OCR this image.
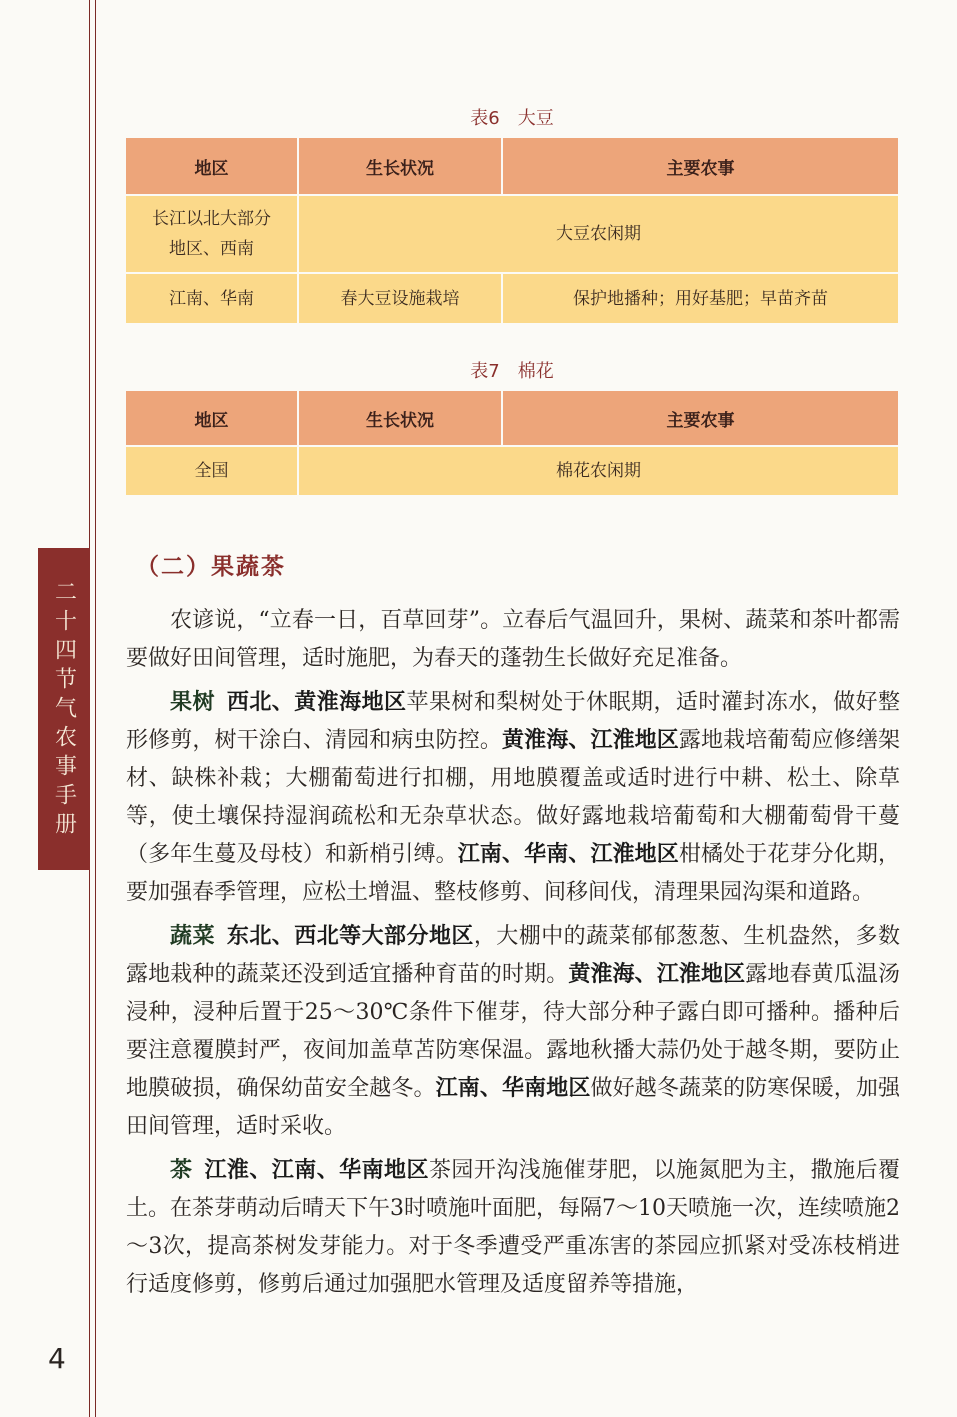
二十四节气农事手册
表6 大豆
地区	生长状况	主要农事

长江以北大部分
地区、西南	大豆农闲期	
江南、华南	春大豆设施栽培	保护地播种；用好基肥；早苗齐苗
表7 棉花
地区	生长状况	主要农事
全国	棉花农闲期	
（二）果蔬茶

农谚说，“立春一日，百草回芽”。立春后气温回升，果树、蔬菜和茶叶都需要做好田间管理，适时施肥，为春天的蓬勃生长做好充足准备。

果树 西北、黄淮海地区苹果树和梨树处于休眠期，适时灌封冻水，做好整形修剪，树干涂白、清园和病虫防控。黄淮海、江淮地区露地栽培葡萄应修缮架材、缺株补栽；大棚葡萄进行扣棚，用地膜覆盖或适时进行中耕、松土、除草等，使土壤保持湿润疏松和无杂草状态。做好露地栽培葡萄和大棚葡萄骨干蔓（多年生蔓及母枝）和新梢引缚。江南、华南、江淮地区柑橘处于花芽分化期，要加强春季管理，应松土增温、整枝修剪、间移间伐，清理果园沟渠和道路。

蔬菜 东北、西北等大部分地区，大棚中的蔬菜郁郁葱葱、生机盎然，多数露地栽种的蔬菜还没到适宜播种育苗的时期。黄淮海、江淮地区露地春黄瓜温汤浸种，浸种后置于25～30℃条件下催芽，待大部分种子露白即可播种。播种后要注意覆膜封严，夜间加盖草苫防寒保温。露地秋播大蒜仍处于越冬期，要防止地膜破损，确保幼苗安全越冬。江南、华南地区做好越冬蔬菜的防寒保暖，加强田间管理，适时采收。

茶 江淮、江南、华南地区茶园开沟浅施催芽肥，以施氮肥为主，撒施后覆土。在茶芽萌动后晴天下午3时喷施叶面肥，每隔7～10天喷施一次，连续喷施2～3次，提高茶树发芽能力。对于冬季遭受严重冻害的茶园应抓紧对受冻枝梢进行适度修剪，修剪后通过加强肥水管理及适度留养等措施，

4
